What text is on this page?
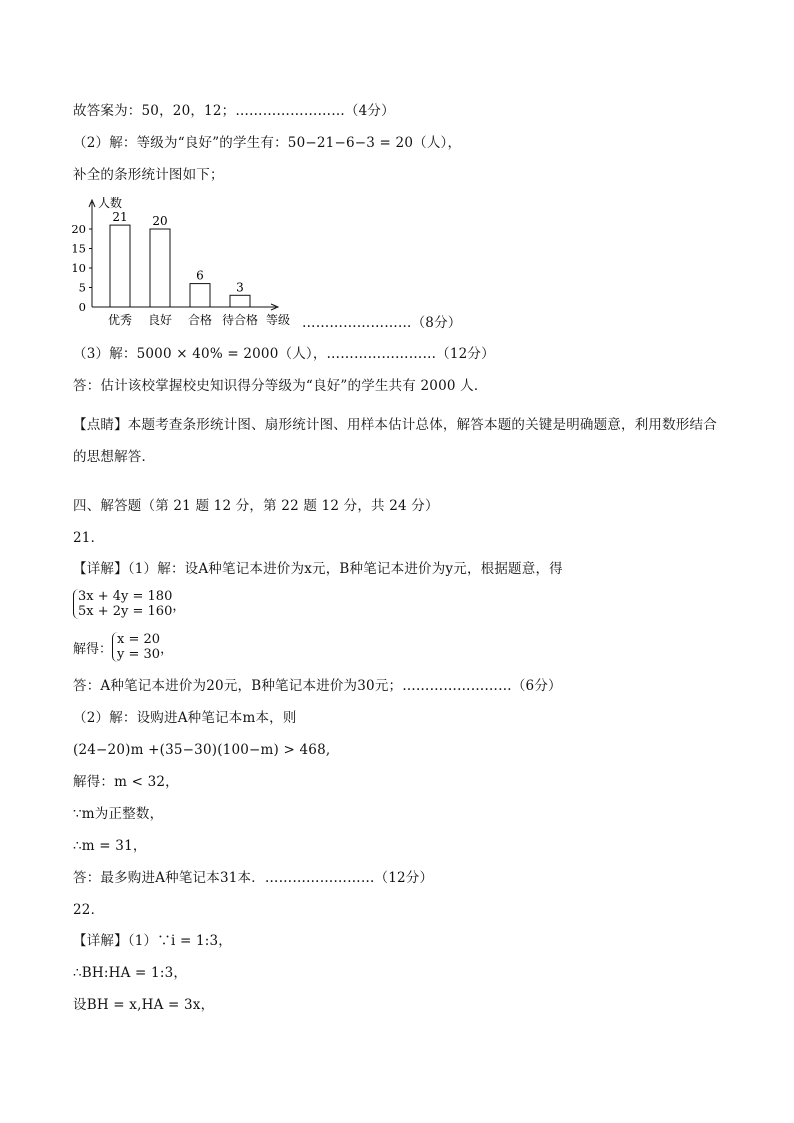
故答案为：50，20，12；……………………（4分）
（2）解：等级为“良好”的学生有：50−21−6−3 = 20（人），
补全的条形统计图如下；
人数
等级
0
5
10
15
20
21
优秀
20
良好
6
合格
3
待合格	……………………（8分）
（3）解：5000 × 40% = 2000（人），……………………（12分）
答：估计该校掌握校史知识得分等级为“良好”的学生共有 2000 人．
【点睛】本题考查条形统计图、扇形统计图、用样本估计总体，解答本题的关键是明确题意，利用数形结合的思想解答．
四、解答题（第 21 题 12 分，第 22 题 12 分，共 24 分）
21．
【详解】（1）解：设A种笔记本进价为x元，B种笔记本进价为y元，根据题意，得
3x + 4y = 180
5x + 2y = 160，
解得：x = 20
y = 30，
答：A种笔记本进价为20元，B种笔记本进价为30元；……………………（6分）
（2）解：设购进A种笔记本m本，则
(24−20)m +(35−30)(100−m) > 468,
解得：m < 32，
∵m为正整数，
∴m = 31，
答：最多购进A种笔记本31本．……………………（12分）
22．
【详解】（1）∵i = 1:3，
∴BH:HA = 1:3，
设BH = x,HA = 3x，
